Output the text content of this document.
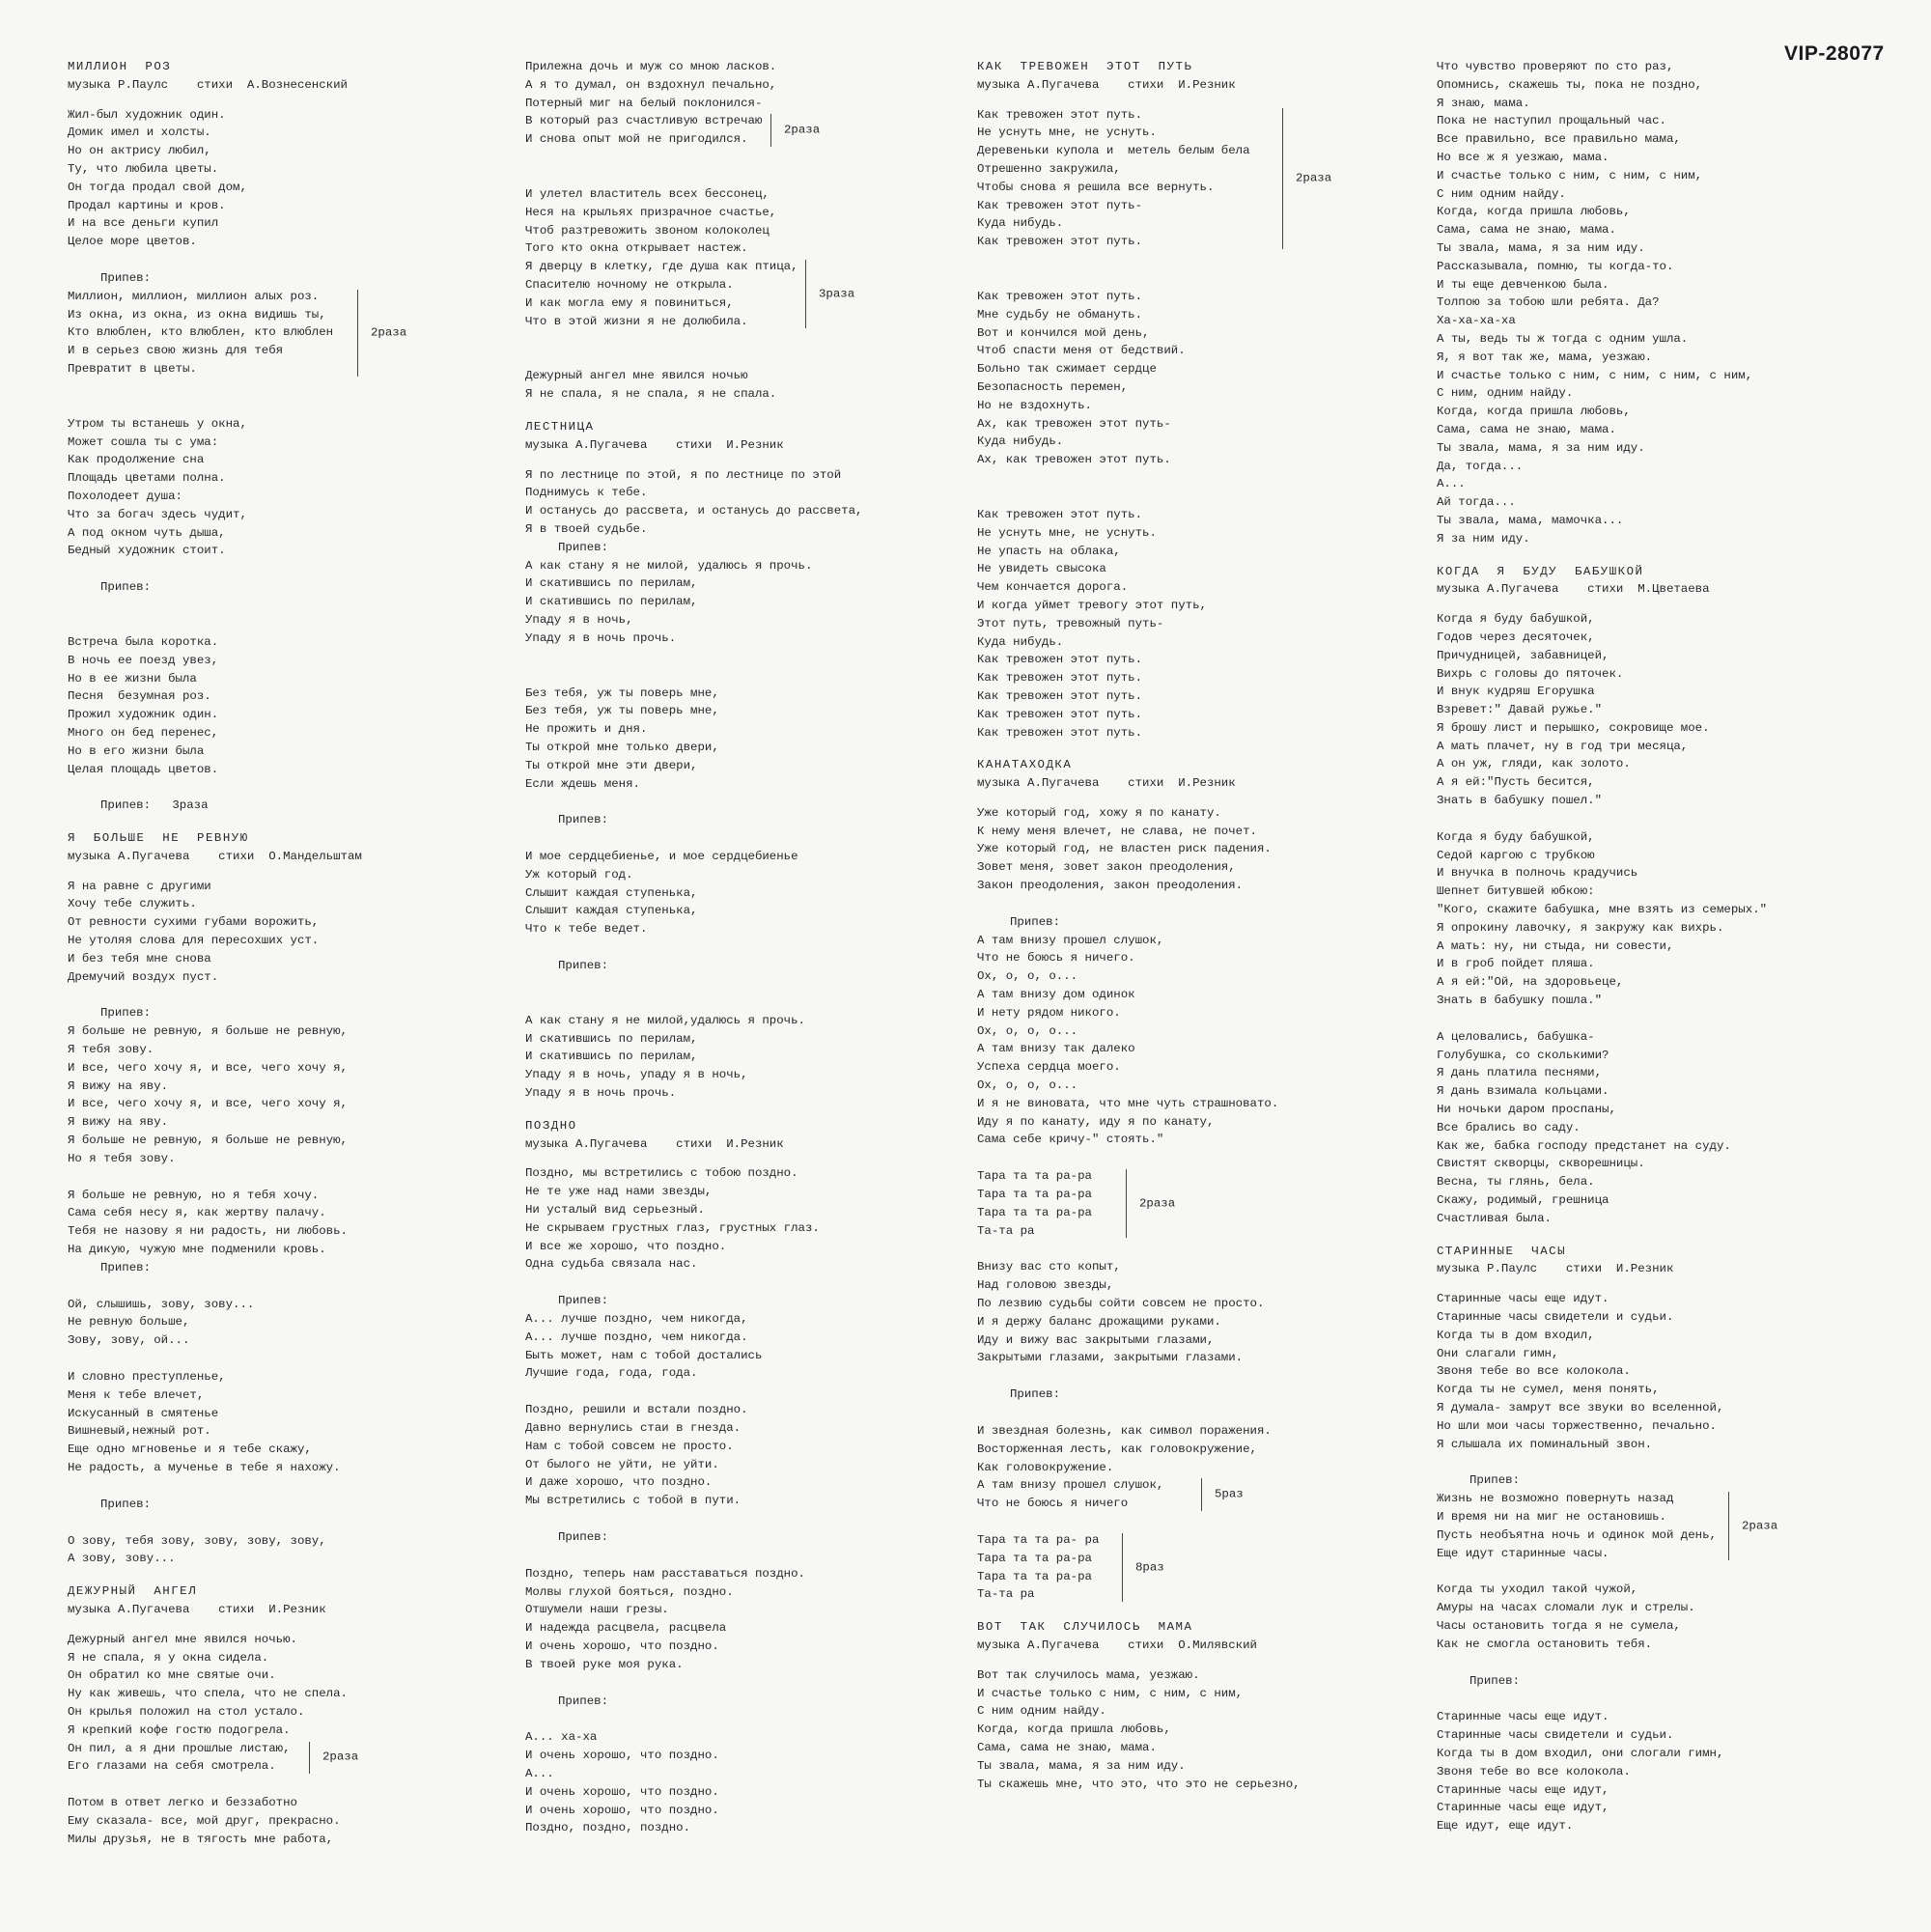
VIP-28077
МИЛЛИОН  РОЗ
музыка Р.Паулс    стихи  А.Вознесенский
Жил-был художник один.
Домик имел и холсты.
Но он актрису любил,
Ту, что любила цветы.
Он тогда продал свой дом,
Продал картины и кров.
И на все деньги купил
Целое море цветов.
Припев:
Миллион, миллион, миллион алых роз.
Из окна, из окна, из окна видишь ты,
Кто влюблен, кто влюблен, кто влюблен
И в серьез свою жизнь для тебя
Превратит в цветы.
2раза
Утром ты встанешь у окна,
Может сошла ты с ума:
Как продолжение сна
Площадь цветами полна.
Похолодеет душа:
Что за богач здесь чудит,
А под окном чуть дыша,
Бедный художник стоит.
Припев:
Встреча была коротка.
В ночь ее поезд увез,
Но в ее жизни была
Песня  безумная роз.
Прожил художник один.
Много он бед перенес,
Но в его жизни была
Целая площадь цветов.
Припев:   3раза
Я  БОЛЬШЕ  НЕ  РЕВНУЮ
музыка А.Пугачева    стихи  О.Мандельштам
Я на равне с другими
Хочу тебе служить.
От ревности сухими губами ворожить,
Не утоляя слова для пересохших уст.
И без тебя мне снова
Дремучий воздух пуст.
Припев:
Я больше не ревную, я больше не ревную,
Я тебя зову.
И все, чего хочу я, и все, чего хочу я,
Я вижу на яву.
И все, чего хочу я, и все, чего хочу я,
Я вижу на яву.
Я больше не ревную, я больше не ревную,
Но я тебя зову.
Я больше не ревную, но я тебя хочу.
Сама себя несу я, как жертву палачу.
Тебя не назову я ни радость, ни любовь.
На дикую, чужую мне подменили кровь.
Припев:
Ой, слышишь, зову, зову...
Не ревную больше,
Зову, зову, ой...
И словно преступленье,
Меня к тебе влечет,
Искусанный в смятенье
Вишневый,нежный рот.
Еще одно мгновенье и я тебе скажу,
Не радость, а мученье в тебе я нахожу.
Припев:
О зову, тебя зову, зову, зову, зову,
А зову, зову...
ДЕЖУРНЫЙ  АНГЕЛ
музыка А.Пугачева    стихи  И.Резник
Дежурный ангел мне явился ночью.
Я не спала, я у окна сидела.
Он обратил ко мне святые очи.
Ну как живешь, что спела, что не спела.
Он крылья положил на стол устало.
Я крепкий кофе гостю подогрела.
Он пил, а я дни прошлые листаю,
Его глазами на себя смотрела.
2раза
Потом в ответ легко и беззаботно
Ему сказала- все, мой друг, прекрасно.
Милы друзья, не в тягость мне работа,
Прилежна дочь и муж со мною ласков.
А я то думал, он вздохнул печально,
Потерный миг на белый поклонился-
В который раз счастливую встречаю
И снова опыт мой не пригодился.
2раза
И улетел властитель всех бессонец,
Неся на крыльях призрачное счастье,
Чтоб разтревожить звоном колоколец
Того кто окна открывает настеж.
Я дверцу в клетку, где душа как птица,
Спасителю ночному не открыла.
И как могла ему я повиниться,
Что в этой жизни я не долюбила.
3раза
Дежурный ангел мне явился ночью
Я не спала, я не спала, я не спала.
ЛЕСТНИЦА
музыка А.Пугачева    стихи  И.Резник
Я по лестнице по этой, я по лестнице по этой
Поднимусь к тебе.
И останусь до рассвета, и останусь до рассвета,
Я в твоей судьбе.
Припев:
А как стану я не милой, удалюсь я прочь.
И скатившись по перилам,
И скатившись по перилам,
Упаду я в ночь,
Упаду я в ночь прочь.
Без тебя, уж ты поверь мне,
Без тебя, уж ты поверь мне,
Не прожить и дня.
Ты открой мне только двери,
Ты открой мне эти двери,
Если ждешь меня.
Припев:
И мое сердцебиенье, и мое сердцебиенье
Уж который год.
Слышит каждая ступенька,
Слышит каждая ступенька,
Что к тебе ведет.
Припев:
А как стану я не милой,удалюсь я прочь.
И скатившись по перилам,
И скатившись по перилам,
Упаду я в ночь, упаду я в ночь,
Упаду я в ночь прочь.
ПОЗДНО
музыка А.Пугачева    стихи  И.Резник
Поздно, мы встретились с тобою поздно.
Не те уже над нами звезды,
Ни усталый вид серьезный.
Не скрываем грустных глаз, грустных глаз.
И все же хорошо, что поздно.
Одна судьба связала нас.
Припев:
А... лучше поздно, чем никогда,
А... лучше поздно, чем никогда.
Быть может, нам с тобой достались
Лучшие года, года, года.
Поздно, решили и встали поздно.
Давно вернулись стаи в гнезда.
Нам с тобой совсем не просто.
От былого не уйти, не уйти.
И даже хорошо, что поздно.
Мы встретились с тобой в пути.
Припев:
Поздно, теперь нам расставаться поздно.
Молвы глухой бояться, поздно.
Отшумели наши грезы.
И надежда расцвела, расцвела
И очень хорошо, что поздно.
В твоей руке моя рука.
Припев:
А... ха-ха
И очень хорошо, что поздно.
А...
И очень хорошо, что поздно.
И очень хорошо, что поздно.
Поздно, поздно, поздно.
КАК  ТРЕВОЖЕН  ЭТОТ  ПУТЬ
музыка А.Пугачева    стихи  И.Резник
Как тревожен этот путь.
Не уснуть мне, не уснуть.
Деревеньки купола и  метель белым бела
Отрешенно закружила,
Чтобы снова я решила все вернуть.
Как тревожен этот путь-
Куда нибудь.
Как тревожен этот путь.
2раза
Как тревожен этот путь.
Мне судьбу не обмануть.
Вот и кончился мой день,
Чтоб спасти меня от бедствий.
Больно так сжимает сердце
Безопасность перемен,
Но не вздохнуть.
Ах, как тревожен этот путь-
Куда нибудь.
Ах, как тревожен этот путь.
Как тревожен этот путь.
Не уснуть мне, не уснуть.
Не упасть на облака,
Не увидеть свысока
Чем кончается дорога.
И когда уймет тревогу этот путь,
Этот путь, тревожный путь-
Куда нибудь.
Как тревожен этот путь.
Как тревожен этот путь.
Как тревожен этот путь.
Как тревожен этот путь.
Как тревожен этот путь.
КАНАТАХОДКА
музыка А.Пугачева    стихи  И.Резник
Уже который год, хожу я по канату.
К нему меня влечет, не слава, не почет.
Уже который год, не властен риск падения.
Зовет меня, зовет закон преодоления,
Закон преодоления, закон преодоления.
Припев:
А там внизу прошел слушок,
Что не боюсь я ничего.
Ох, о, о, о...
А там внизу дом одинок
И нету рядом никого.
Ох, о, о, о...
А там внизу так далеко
Успеха сердца моего.
Ох, о, о, о...
И я не виновата, что мне чуть страшновато.
Иду я по канату, иду я по канату,
Сама себе кричу-" стоять."
Тара та та ра-ра
Тара та та ра-ра
Тара та та ра-ра
Та-та ра
2раза
Внизу вас сто копыт,
Над головою звезды,
По лезвию судьбы сойти совсем не просто.
И я держу баланс дрожащими руками.
Иду и вижу вас закрытыми глазами,
Закрытыми глазами, закрытыми глазами.
Припев:
И звездная болезнь, как символ поражения.
Восторженная лесть, как головокружение,
Как головокружение.
А там внизу прошел слушок,
Что не боюсь я ничего
5раз
Тара та та ра- ра
Тара та та ра-ра
Тара та та ра-ра
Та-та ра
8раз
ВОТ  ТАК  СЛУЧИЛОСЬ  МАМА
музыка А.Пугачева    стихи  О.Милявский
Вот так случилось мама, уезжаю.
И счастье только с ним, с ним, с ним,
С ним одним найду.
Когда, когда пришла любовь,
Сама, сама не знаю, мама.
Ты звала, мама, я за ним иду.
Ты скажешь мне, что это, что это не серьезно,
Что чувство проверяют по сто раз,
Опомнись, скажешь ты, пока не поздно,
Я знаю, мама.
Пока не наступил прощальный час.
Все правильно, все правильно мама,
Но все ж я уезжаю, мама.
И счастье только с ним, с ним, с ним,
С ним одним найду.
Когда, когда пришла любовь,
Сама, сама не знаю, мама.
Ты звала, мама, я за ним иду.
Рассказывала, помню, ты когда-то.
И ты еще девченкою была.
Толпою за тобою шли ребята. Да?
Ха-ха-ха-ха
А ты, ведь ты ж тогда с одним ушла.
Я, я вот так же, мама, уезжаю.
И счастье только с ним, с ним, с ним, с ним,
С ним, одним найду.
Когда, когда пришла любовь,
Сама, сама не знаю, мама.
Ты звала, мама, я за ним иду.
Да, тогда...
А...
Ай тогда...
Ты звала, мама, мамочка...
Я за ним иду.
КОГДА  Я  БУДУ  БАБУШКОЙ
музыка А.Пугачева    стихи  М.Цветаева
Когда я буду бабушкой,
Годов через десяточек,
Причудницей, забавницей,
Вихрь с головы до пяточек.
И внук кудряш Егорушка
Взревет:" Давай ружье."
Я брошу лист и перышко, сокровище мое.
А мать плачет, ну в год три месяца,
А он уж, гляди, как золото.
А я ей:"Пусть бесится,
Знать в бабушку пошел."
Когда я буду бабушкой,
Седой каргою с трубкою
И внучка в полночь крадучись
Шепнет битувшей юбкою:
"Кого, скажите бабушка, мне взять из семерых."
Я опрокину лавочку, я закружу как вихрь.
А мать: ну, ни стыда, ни совести,
И в гроб пойдет пляша.
А я ей:"Ой, на здоровьеце,
Знать в бабушку пошла."
А целовались, бабушка-
Голубушка, со сколькими?
Я дань платила песнями,
Я дань взимала кольцами.
Ни ночьки даром проспаны,
Все брались во саду.
Как же, бабка господу предстанет на суду.
Свистят скворцы, скворешницы.
Весна, ты глянь, бела.
Скажу, родимый, грешница
Счастливая была.
СТАРИННЫЕ  ЧАСЫ
музыка Р.Паулс    стихи  И.Резник
Старинные часы еще идут.
Старинные часы свидетели и судьи.
Когда ты в дом входил,
Они слагали гимн,
Звоня тебе во все колокола.
Когда ты не сумел, меня понять,
Я думала- замрут все звуки во вселенной,
Но шли мои часы торжественно, печально.
Я слышала их поминальный звон.
Припев:
Жизнь не возможно повернуть назад
И время ни на миг не остановишь.
Пусть необъятна ночь и одинок мой день,
Еще идут старинные часы.
2раза
Когда ты уходил такой чужой,
Амуры на часах сломали лук и стрелы.
Часы остановить тогда я не сумела,
Как не смогла остановить тебя.
Припев:
Старинные часы еще идут.
Старинные часы свидетели и судьи.
Когда ты в дом входил, они слогали гимн,
Звоня тебе во все колокола.
Старинные часы еще идут,
Старинные часы еще идут,
Еще идут, еще идут.
